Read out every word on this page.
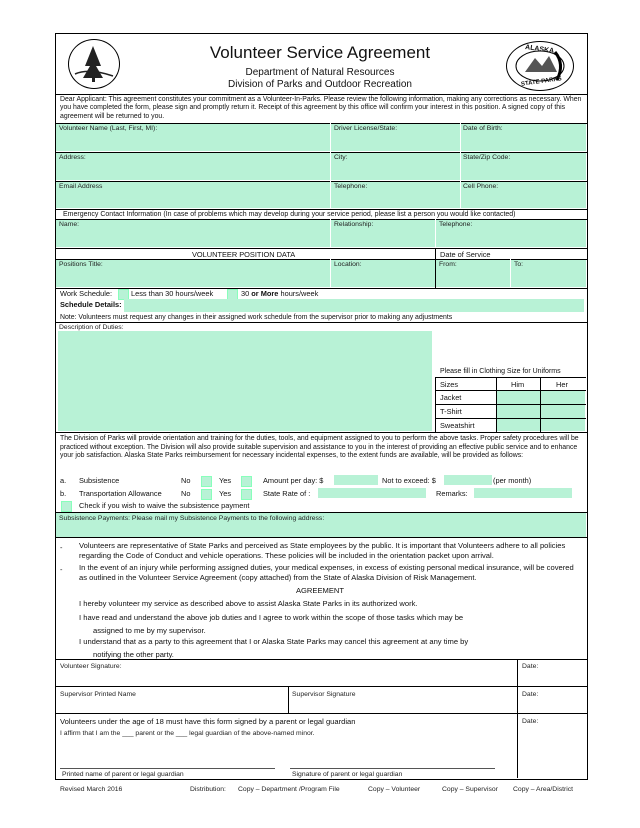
ALASKA
STATE PARKS
Volunteer Service Agreement
Department of Natural Resources
Division of Parks and Outdoor Recreation
Dear Applicant: This agreement constitutes your commitment as a Volunteer-In-Parks. Please review the following information, making any corrections as necessary. When you have completed the form, please sign and promptly return it. Receipt of this agreement by this office will confirm your interest in this position. A signed copy of this agreement will be returned to you.
Volunteer Name (Last, First, MI):	Driver License/State:	Date of Birth:
Address:	City:	State/Zip Code:
Email Address	Telephone:	Cell Phone:
Emergency Contact Information (In case of problems which may develop during your service period, please list a person you would like contacted)
Name:	Relationship:	Telephone:
VOLUNTEER POSITION DATA	Date of Service
Positions Title:	Location:	From:	To:
Work Schedule:	Less than 30 hours/week	30 or More hours/week
Schedule Details:
Note: Volunteers must request any changes in their assigned work schedule from the supervisor prior to making any adjustments
Description of Duties:
Please fill in Clothing Size for Uniforms
Sizes	Him	Her
Jacket
T-Shirt
Sweatshirt
The Division of Parks will provide orientation and training for the duties, tools, and equipment assigned to you to perform the above tasks. Proper safety procedures will be practiced without exception. The Division will also provide suitable supervision and assistance to you in the interest of providing an effective public service and to enhance your job satisfaction. Alaska State Parks reimbursement for necessary incidental expenses, to the extent funds are available, will be provided as follows:
a. Subsistence	No	Yes	Amount per day: $	Not to exceed: $	(per month)
b. Transportation Allowance	No	Yes	State Rate of :	Remarks:
Check if you wish to waive the subsistence payment
Subsistence Payments: Please mail my Subsistence Payments to the following address:
- Volunteers are representative of State Parks and perceived as State employees by the public. It is important that Volunteers adhere to all policies regarding the Code of Conduct and vehicle operations. These policies will be included in the orientation packet upon arrival.
- In the event of an injury while performing assigned duties, your medical expenses, in excess of existing personal medical insurance, will be covered as outlined in the Volunteer Service Agreement (copy attached) from the State of Alaska Division of Risk Management.
AGREEMENT
I hereby volunteer my service as described above to assist Alaska State Parks in its authorized work.
I have read and understand the above job duties and I agree to work within the scope of those tasks which may be
assigned to me by my supervisor.
I understand that as a party to this agreement that I or Alaska State Parks may cancel this agreement at any time by
notifying the other party.
Volunteer Signature:	Date:
Supervisor Printed Name	Supervisor Signature	Date:
Volunteers under the age of 18 must have this form signed by a parent or legal guardian
I affirm that I am the ___ parent or the ___ legal guardian of the above-named minor.
Date:
Printed name of parent or legal guardian	Signature of parent or legal guardian
Revised March 2016	Distribution: Copy – Department /Program File	Copy – Volunteer	Copy – Supervisor Copy – Area/District
